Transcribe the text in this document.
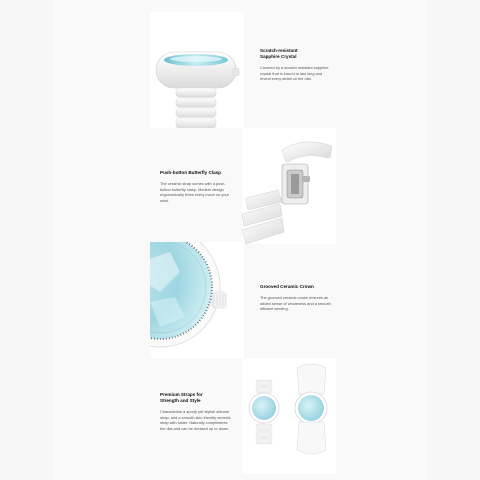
Scratch-resistant
Sapphire Crystal

Covered by a scratch resistant sapphire crystal that is bound to last long and reveal every detail on the dial.

Push-button Butterfly Clasp

The ceramic strap comes with a push-button butterfly clasp. Modern design ergonomically frees every move on your wrist.

Grooved Ceramic Crown

The grooved ceramic crown ensures an added sense of wholeness and a smooth efficient winding.

Premium Straps for
Strength and Style

Characterise a sporty yet stylish silicone strap, and a smooth skin friendly ceramic strap with luster. Naturally compliments the dial and can be dressed up or down.
